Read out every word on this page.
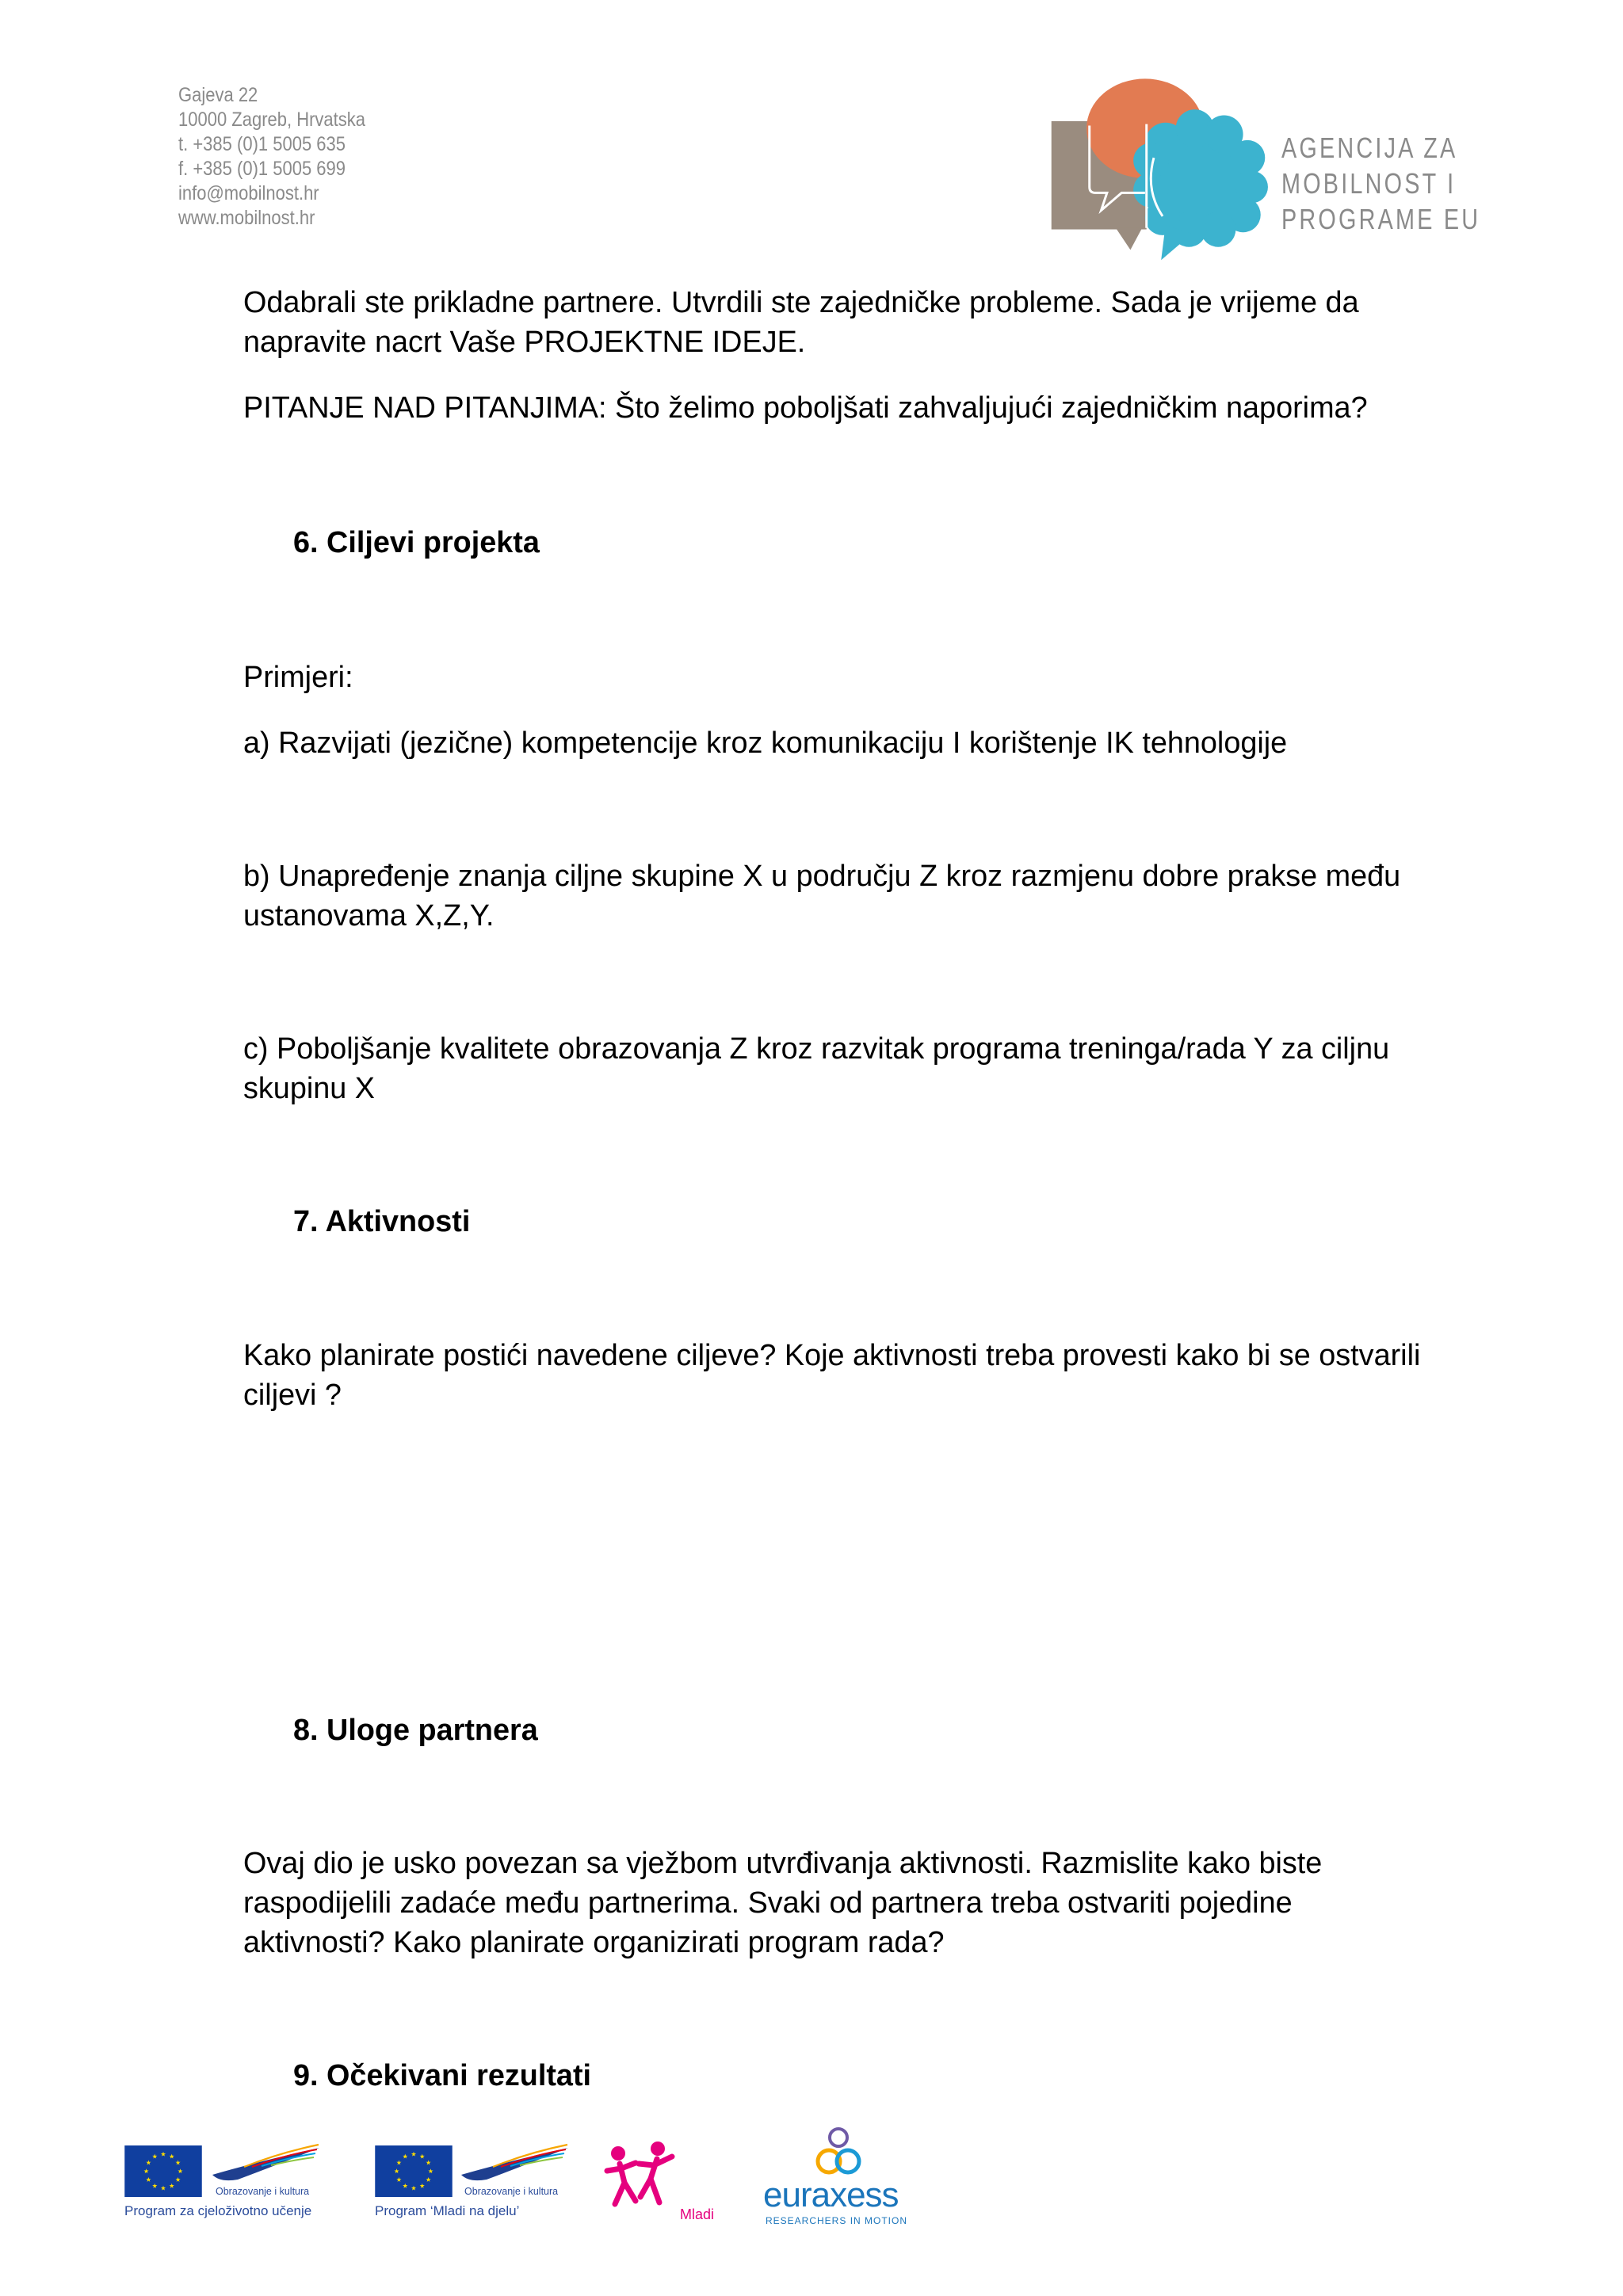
Gajeva 22
10000 Zagreb, Hrvatska
t. +385 (0)1 5005 635
f. +385 (0)1 5005 699
info@mobilnost.hr
www.mobilnost.hr
AGENCIJA ZA
MOBILNOST I
PROGRAME EU
Odabrali ste prikladne partnere. Utvrdili ste zajedničke probleme. Sada je vrijeme da
napravite nacrt Vaše PROJEKTNE IDEJE.
PITANJE NAD PITANJIMA: Što želimo poboljšati zahvaljujući zajedničkim naporima?
6. Ciljevi projekta
Primjeri:
a) Razvijati (jezične) kompetencije kroz komunikaciju I korištenje IK tehnologije
b) Unapređenje znanja ciljne skupine X u području Z kroz razmjenu dobre prakse među
ustanovama X,Z,Y.
c) Poboljšanje kvalitete obrazovanja Z kroz razvitak programa treninga/rada Y za ciljnu
skupinu X
7. Aktivnosti
Kako planirate postići navedene ciljeve? Koje aktivnosti treba provesti kako bi se ostvarili
ciljevi ?
8. Uloge partnera
Ovaj dio je usko povezan sa vježbom utvrđivanja aktivnosti. Razmislite kako biste
raspodijelili zadaće među partnerima. Svaki od partnera treba ostvariti pojedine
aktivnosti? Kako planirate organizirati program rada?
9. Očekivani rezultati
Obrazovanje i kultura
Program za cjeloživotno učenje
Obrazovanje i kultura
Program ‘Mladi na djelu’	Mladi euraxess
RESEARCHERS IN MOTION
